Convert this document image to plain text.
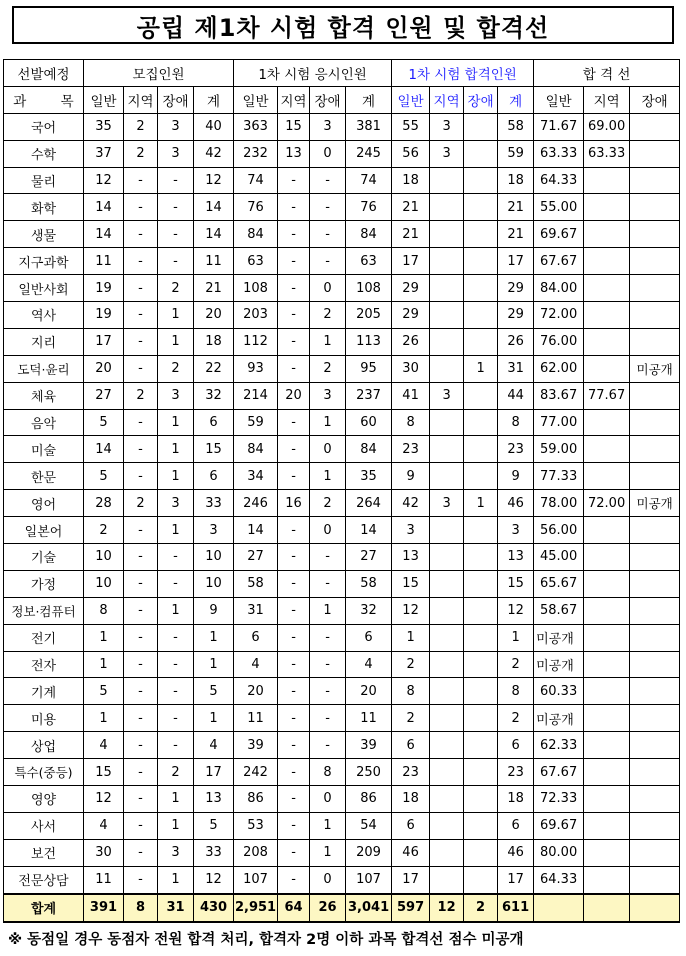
공립 제1차 시험 합격 인원 및 합격선
선발예정	모집인원				1차 시험 응시인원				1차 시험 합격인원				합 격 선		
과        목	일반	지역	장애	계	일반	지역	장애	계	일반	지역	장애	계	일반	지역	장애
국어	35	2	3	40	363	15	3	381	55	3		58	71.67	69.00	
수학	37	2	3	42	232	13	0	245	56	3		59	63.33	63.33	
물리	12	-	-	12	74	-	-	74	18			18	64.33		
화학	14	-	-	14	76	-	-	76	21			21	55.00		
생물	14	-	-	14	84	-	-	84	21			21	69.67		
지구과학	11	-	-	11	63	-	-	63	17			17	67.67		
일반사회	19	-	2	21	108	-	0	108	29			29	84.00		
역사	19	-	1	20	203	-	2	205	29			29	72.00		
지리	17	-	1	18	112	-	1	113	26			26	76.00		
도덕·윤리	20	-	2	22	93	-	2	95	30		1	31	62.00		미공개
체육	27	2	3	32	214	20	3	237	41	3		44	83.67	77.67	
음악	5	-	1	6	59	-	1	60	8			8	77.00		
미술	14	-	1	15	84	-	0	84	23			23	59.00		
한문	5	-	1	6	34	-	1	35	9			9	77.33		
영어	28	2	3	33	246	16	2	264	42	3	1	46	78.00	72.00	미공개
일본어	2	-	1	3	14	-	0	14	3			3	56.00		
기술	10	-	-	10	27	-	-	27	13			13	45.00		
가정	10	-	-	10	58	-	-	58	15			15	65.67		
정보·컴퓨터	8	-	1	9	31	-	1	32	12			12	58.67		
전기	1	-	-	1	6	-	-	6	1			1	미공개		
전자	1	-	-	1	4	-	-	4	2			2	미공개		
기계	5	-	-	5	20	-	-	20	8			8	60.33		
미용	1	-	-	1	11	-	-	11	2			2	미공개		
상업	4	-	-	4	39	-	-	39	6			6	62.33		
특수(중등)	15	-	2	17	242	-	8	250	23			23	67.67		
영양	12	-	1	13	86	-	0	86	18			18	72.33		
사서	4	-	1	5	53	-	1	54	6			6	69.67		
보건	30	-	3	33	208	-	1	209	46			46	80.00		
전문상담	11	-	1	12	107	-	0	107	17			17	64.33		
합계	391	8	31	430	2,951	64	26	3,041	597	12	2	611			
※ 동점일 경우 동점자 전원 합격 처리, 합격자 2명 이하 과목 합격선 점수 미공개
